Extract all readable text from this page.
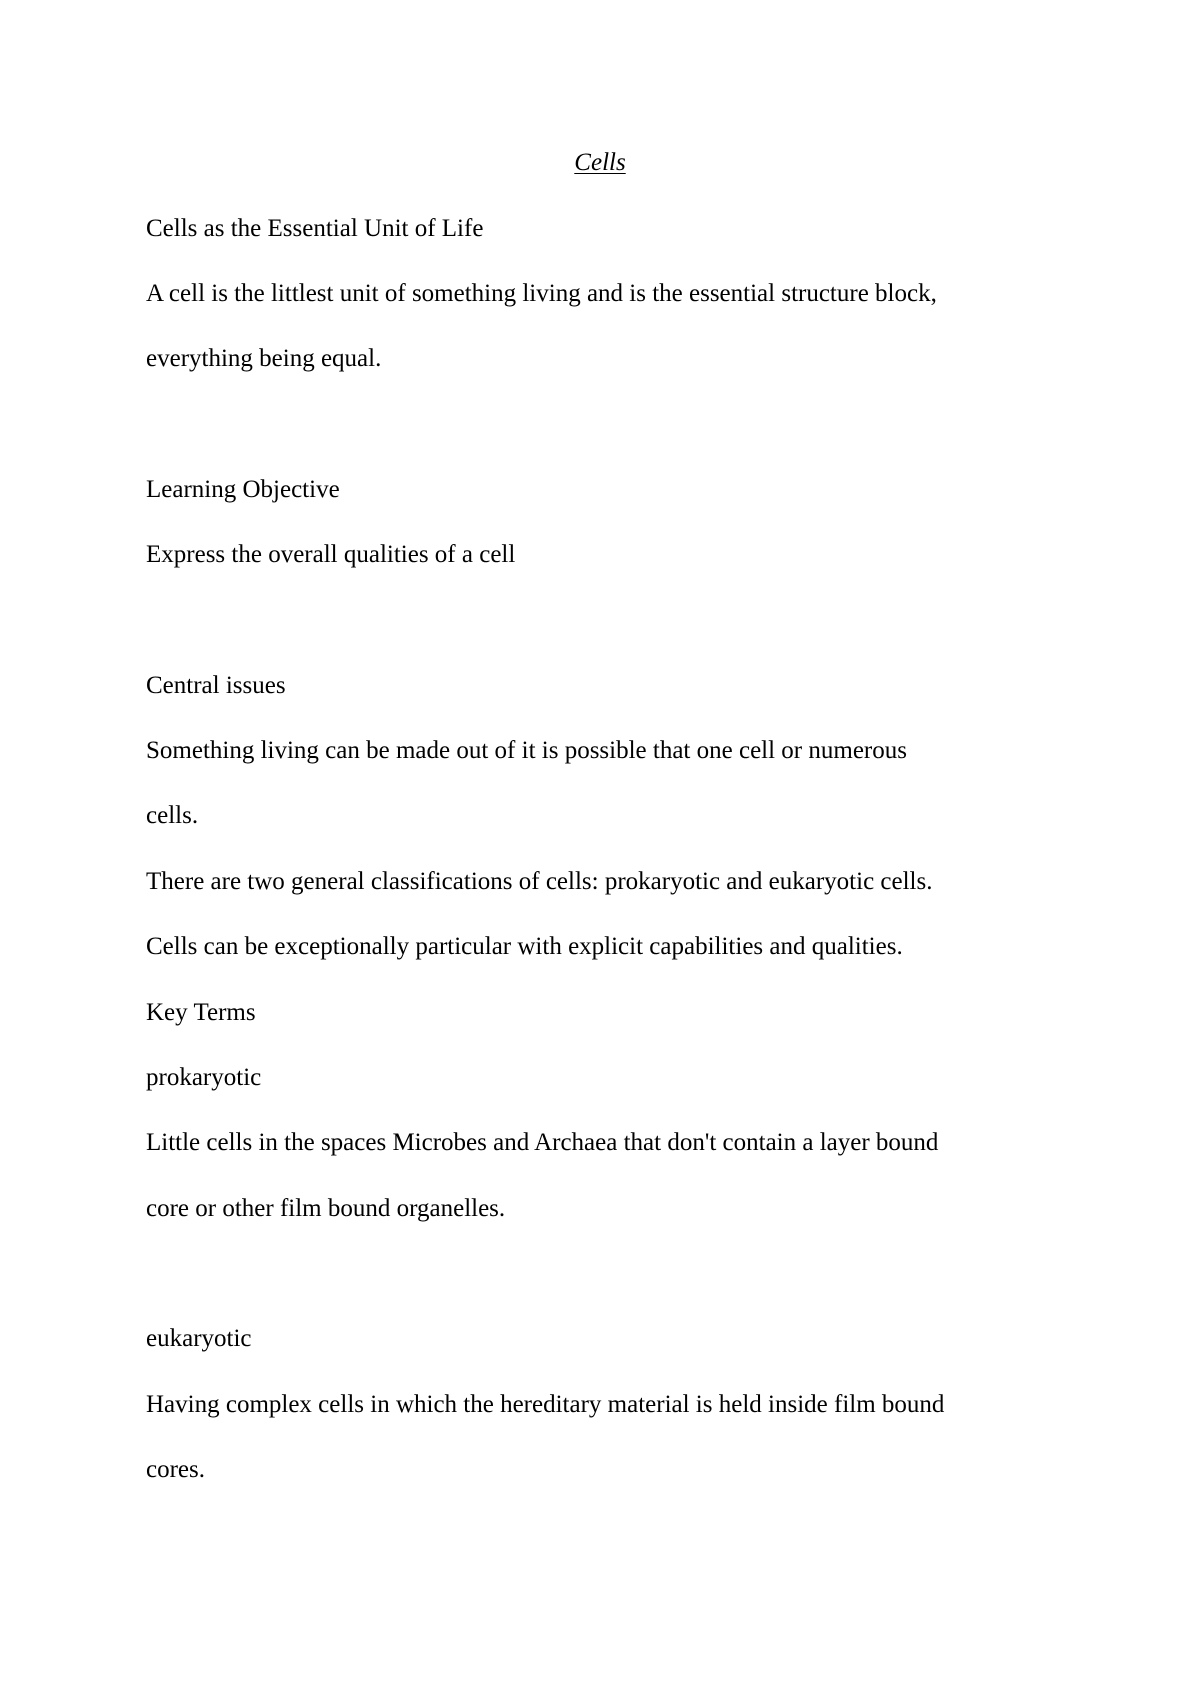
Cells
Cells as the Essential Unit of Life
A cell is the littlest unit of something living and is the essential structure block,
everything being equal.
Learning Objective
Express the overall qualities of a cell
Central issues
Something living can be made out of it is possible that one cell or numerous
cells.
There are two general classifications of cells: prokaryotic and eukaryotic cells.
Cells can be exceptionally particular with explicit capabilities and qualities.
Key Terms
prokaryotic
Little cells in the spaces Microbes and Archaea that don't contain a layer bound
core or other film bound organelles.
eukaryotic
Having complex cells in which the hereditary material is held inside film bound
cores.
